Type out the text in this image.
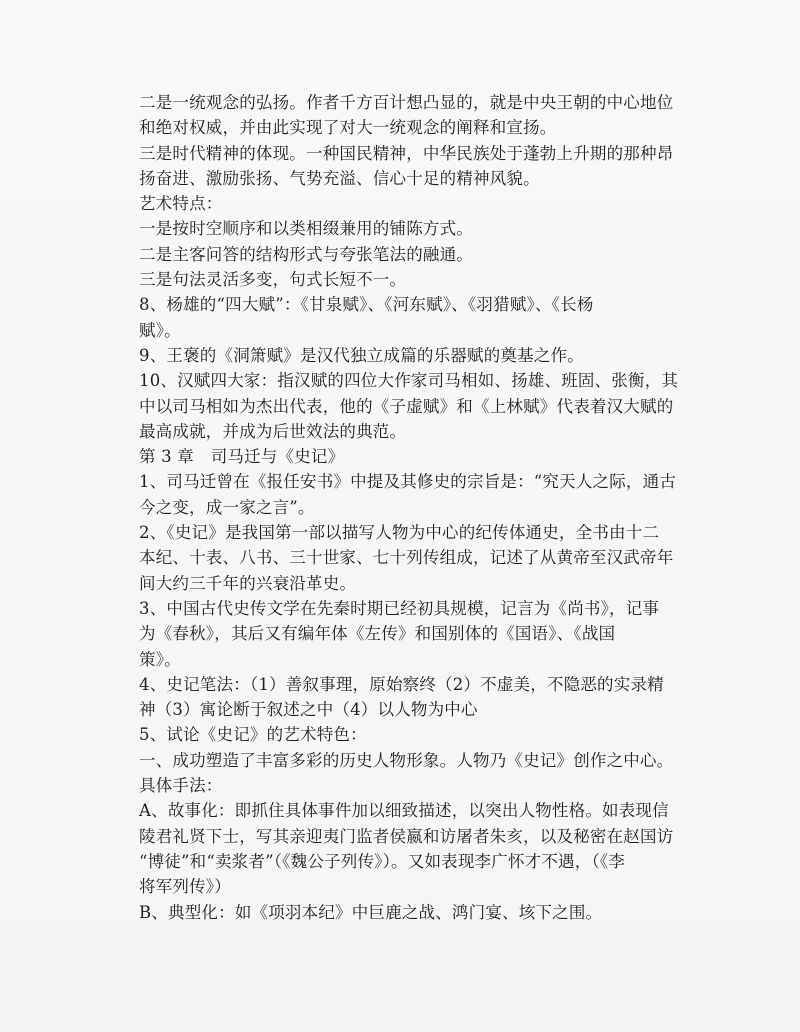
二是一统观念的弘扬。作者千方百计想凸显的，就是中央王朝的中心地位
和绝对权威，并由此实现了对大一统观念的阐释和宣扬。
三是时代精神的体现。一种国民精神，中华民族处于蓬勃上升期的那种昂
扬奋进、激励张扬、气势充溢、信心十足的精神风貌。
艺术特点：
一是按时空顺序和以类相缀兼用的铺陈方式。
二是主客问答的结构形式与夸张笔法的融通。
三是句法灵活多变，句式长短不一。
8、杨雄的“四大赋”：《甘泉赋》、《河东赋》、《羽猎赋》、《长杨
赋》。
9、王褒的《洞箫赋》是汉代独立成篇的乐器赋的奠基之作。
10、汉赋四大家：指汉赋的四位大作家司马相如、扬雄、班固、张衡，其
中以司马相如为杰出代表，他的《子虚赋》和《上林赋》代表着汉大赋的
最高成就，并成为后世效法的典范。
第 3 章　司马迁与《史记》
1、司马迁曾在《报任安书》中提及其修史的宗旨是：“究天人之际，通古
今之变，成一家之言”。
2、《史记》是我国第一部以描写人物为中心的纪传体通史，全书由十二
本纪、十表、八书、三十世家、七十列传组成，记述了从黄帝至汉武帝年
间大约三千年的兴衰沿革史。
3、中国古代史传文学在先秦时期已经初具规模，记言为《尚书》，记事
为《春秋》，其后又有编年体《左传》和国别体的《国语》、《战国
策》。
4、史记笔法：（1）善叙事理，原始察终（2）不虚美，不隐恶的实录精
神（3）寓论断于叙述之中（4）以人物为中心
5、试论《史记》的艺术特色：
一、成功塑造了丰富多彩的历史人物形象。人物乃《史记》创作之中心。
具体手法：
A、故事化：即抓住具体事件加以细致描述，以突出人物性格。如表现信
陵君礼贤下士，写其亲迎夷门监者侯嬴和访屠者朱亥，以及秘密在赵国访
“博徒”和“卖浆者”（《魏公子列传》）。又如表现李广怀才不遇，（《李
将军列传》）
B、典型化：如《项羽本纪》中巨鹿之战、鸿门宴、垓下之围。
